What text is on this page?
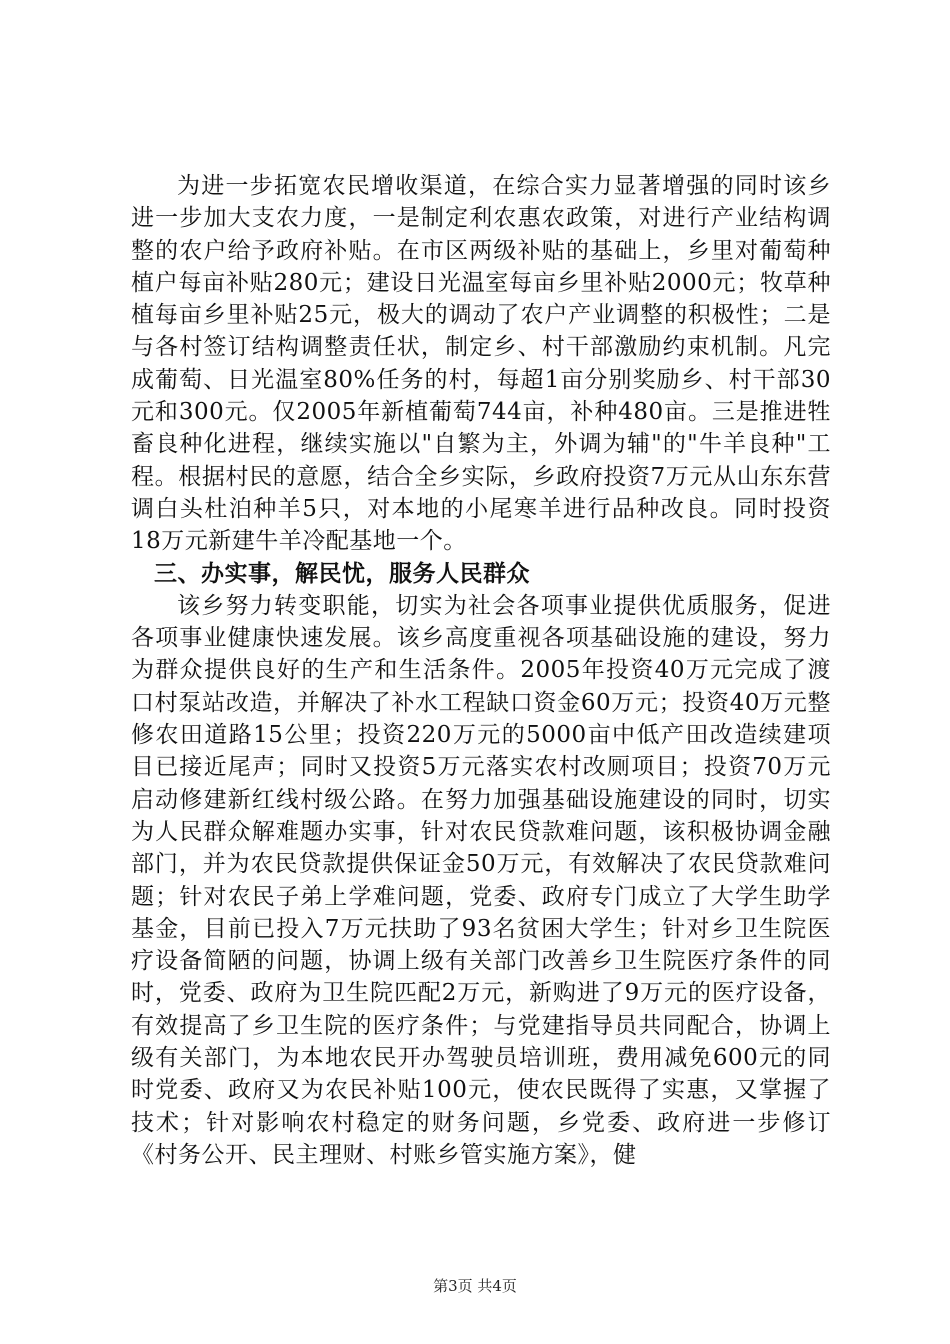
为进一步拓宽农民增收渠道，在综合实力显著增强的同时该乡进一步加大支农力度，一是制定利农惠农政策，对进行产业结构调整的农户给予政府补贴。在市区两级补贴的基础上，乡里对葡萄种植户每亩补贴280元；建设日光温室每亩乡里补贴2000元；牧草种植每亩乡里补贴25元，极大的调动了农户产业调整的积极性；二是与各村签订结构调整责任状，制定乡、村干部激励约束机制。凡完成葡萄、日光温室80%任务的村，每超1亩分别奖励乡、村干部30元和300元。仅2005年新植葡萄744亩，补种480亩。三是推进牲畜良种化进程，继续实施以"自繁为主，外调为辅"的"牛羊良种"工程。根据村民的意愿，结合全乡实际，乡政府投资7万元从山东东营调白头杜泊种羊5只，对本地的小尾寒羊进行品种改良。同时投资18万元新建牛羊冷配基地一个。

三、办实事，解民忧，服务人民群众

该乡努力转变职能，切实为社会各项事业提供优质服务，促进各项事业健康快速发展。该乡高度重视各项基础设施的建设，努力为群众提供良好的生产和生活条件。2005年投资40万元完成了渡口村泵站改造，并解决了补水工程缺口资金60万元；投资40万元整修农田道路15公里；投资220万元的5000亩中低产田改造续建项目已接近尾声；同时又投资5万元落实农村改厕项目；投资70万元启动修建新红线村级公路。在努力加强基础设施建设的同时，切实为人民群众解难题办实事，针对农民贷款难问题，该积极协调金融部门，并为农民贷款提供保证金50万元，有效解决了农民贷款难问题；针对农民子弟上学难问题，党委、政府专门成立了大学生助学基金，目前已投入7万元扶助了93名贫困大学生；针对乡卫生院医疗设备简陋的问题，协调上级有关部门改善乡卫生院医疗条件的同时，党委、政府为卫生院匹配2万元，新购进了9万元的医疗设备，有效提高了乡卫生院的医疗条件；与党建指导员共同配合，协调上级有关部门，为本地农民开办驾驶员培训班，费用减免600元的同时党委、政府又为农民补贴100元，使农民既得了实惠，又掌握了技术；针对影响农村稳定的财务问题，乡党委、政府进一步修订《村务公开、民主理财、村账乡管实施方案》，健

第3页 共4页
